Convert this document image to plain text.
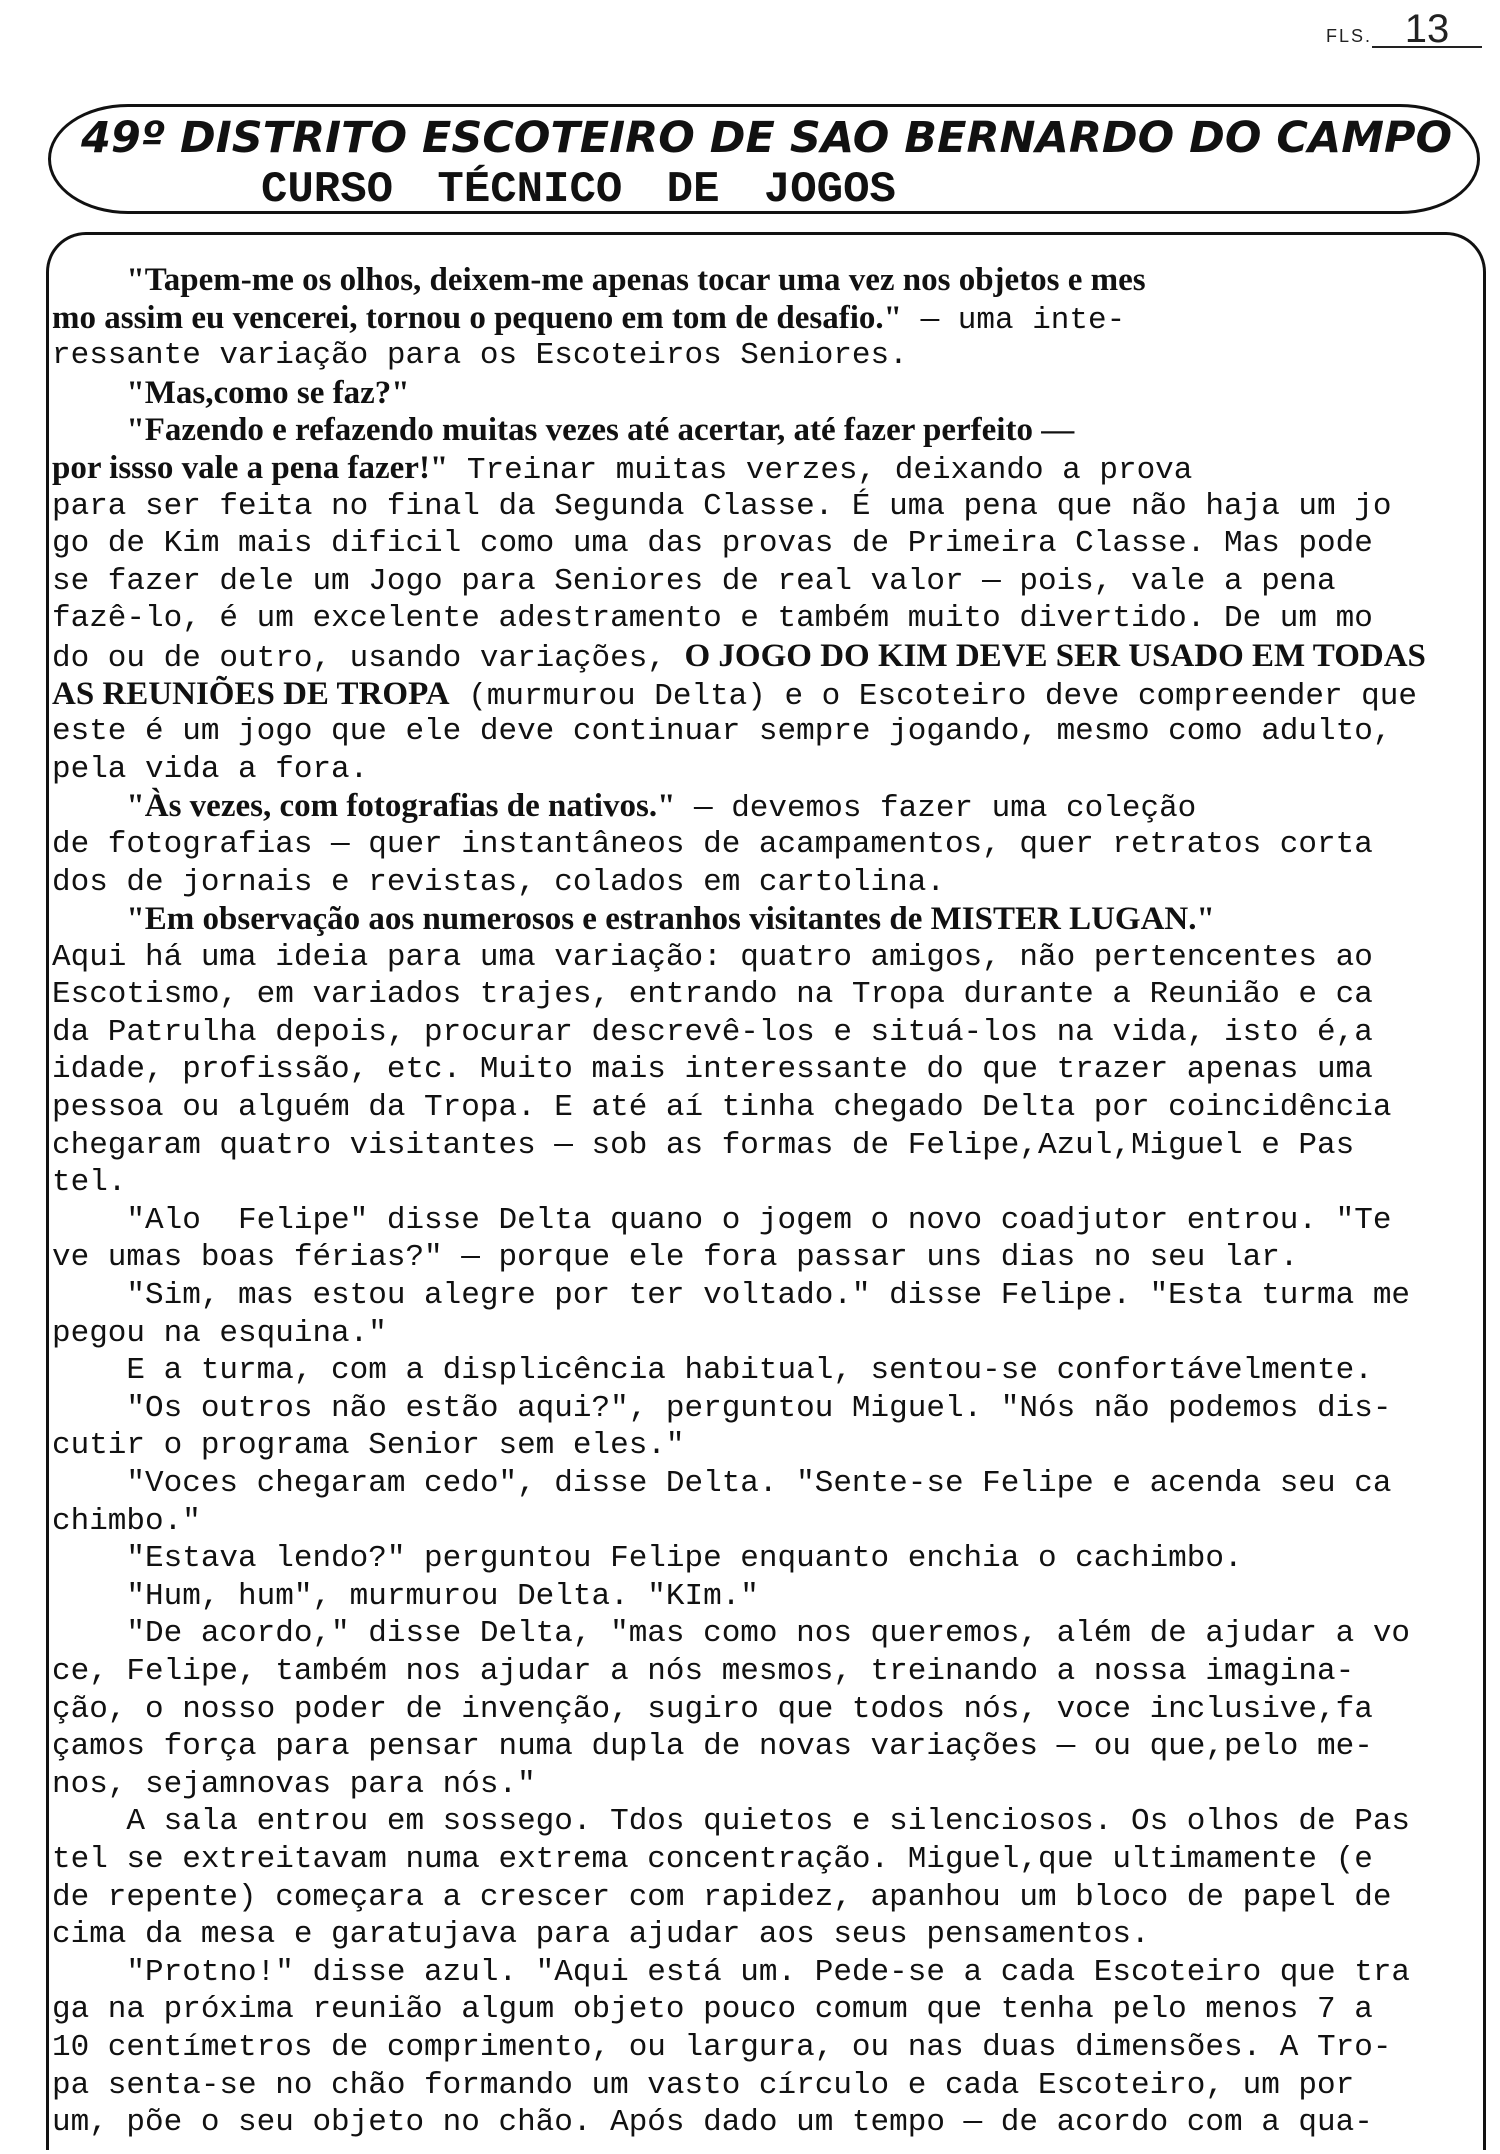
FLS. 13
49º DISTRITO ESCOTEIRO DE SAO BERNARDO DO CAMPO
CURSO TÉCNICO DE JOGOS
"Tapem-me os olhos, deixem-me apenas tocar uma vez nos objetos e mes
mo assim eu vencerei, tornou o pequeno em tom de desafio." — uma inte-
ressante variação para os Escoteiros Seniores.
"Mas,como se faz?"
"Fazendo e refazendo muitas vezes até acertar, até fazer perfeito —
por issso vale a pena fazer!" Treinar muitas verzes, deixando a prova
para ser feita no final da Segunda Classe. É uma pena que não haja um jo
go de Kim mais dificil como uma das provas de Primeira Classe. Mas pode
se fazer dele um Jogo para Seniores de real valor — pois, vale a pena
fazê-lo, é um excelente adestramento e também muito divertido. De um mo
do ou de outro, usando variações, O JOGO DO KIM DEVE SER USADO EM TODAS
AS REUNIÕES DE TROPA (murmurou Delta) e o Escoteiro deve compreender que
este é um jogo que ele deve continuar sempre jogando, mesmo como adulto,
pela vida a fora.
"Às vezes, com fotografias de nativos." — devemos fazer uma coleção
de fotografias — quer instantâneos de acampamentos, quer retratos corta
dos de jornais e revistas, colados em cartolina.
"Em observação aos numerosos e estranhos visitantes de MISTER LUGAN."
Aqui há uma ideia para uma variação: quatro amigos, não pertencentes ao
Escotismo, em variados trajes, entrando na Tropa durante a Reunião e ca
da Patrulha depois, procurar descrevê-los e situá-los na vida, isto é,a
idade, profissão, etc. Muito mais interessante do que trazer apenas uma
pessoa ou alguém da Tropa. E até aí tinha chegado Delta por coincidência
chegaram quatro visitantes — sob as formas de Felipe,Azul,Miguel e Pas
tel.
"Alo  Felipe" disse Delta quano o jogem o novo coadjutor entrou. "Te
ve umas boas férias?" — porque ele fora passar uns dias no seu lar.
"Sim, mas estou alegre por ter voltado." disse Felipe. "Esta turma me
pegou na esquina."
E a turma, com a displicência habitual, sentou-se confortávelmente.
"Os outros não estão aqui?", perguntou Miguel. "Nós não podemos dis-
cutir o programa Senior sem eles."
"Voces chegaram cedo", disse Delta. "Sente-se Felipe e acenda seu ca
chimbo."
"Estava lendo?" perguntou Felipe enquanto enchia o cachimbo.
"Hum, hum", murmurou Delta. "KIm."
"De acordo," disse Delta, "mas como nos queremos, além de ajudar a vo
ce, Felipe, também nos ajudar a nós mesmos, treinando a nossa imagina-
ção, o nosso poder de invenção, sugiro que todos nós, voce inclusive,fa
çamos força para pensar numa dupla de novas variações — ou que,pelo me-
nos, sejamnovas para nós."
A sala entrou em sossego. Tdos quietos e silenciosos. Os olhos de Pas
tel se extreitavam numa extrema concentração. Miguel,que ultimamente (e
de repente) começara a crescer com rapidez, apanhou um bloco de papel de
cima da mesa e garatujava para ajudar aos seus pensamentos.
"Protno!" disse azul. "Aqui está um. Pede-se a cada Escoteiro que tra
ga na próxima reunião algum objeto pouco comum que tenha pelo menos 7 a
10 centímetros de comprimento, ou largura, ou nas duas dimensões. A Tro-
pa senta-se no chão formando um vasto círculo e cada Escoteiro, um por
um, põe o seu objeto no chão. Após dado um tempo — de acordo com a qua-
